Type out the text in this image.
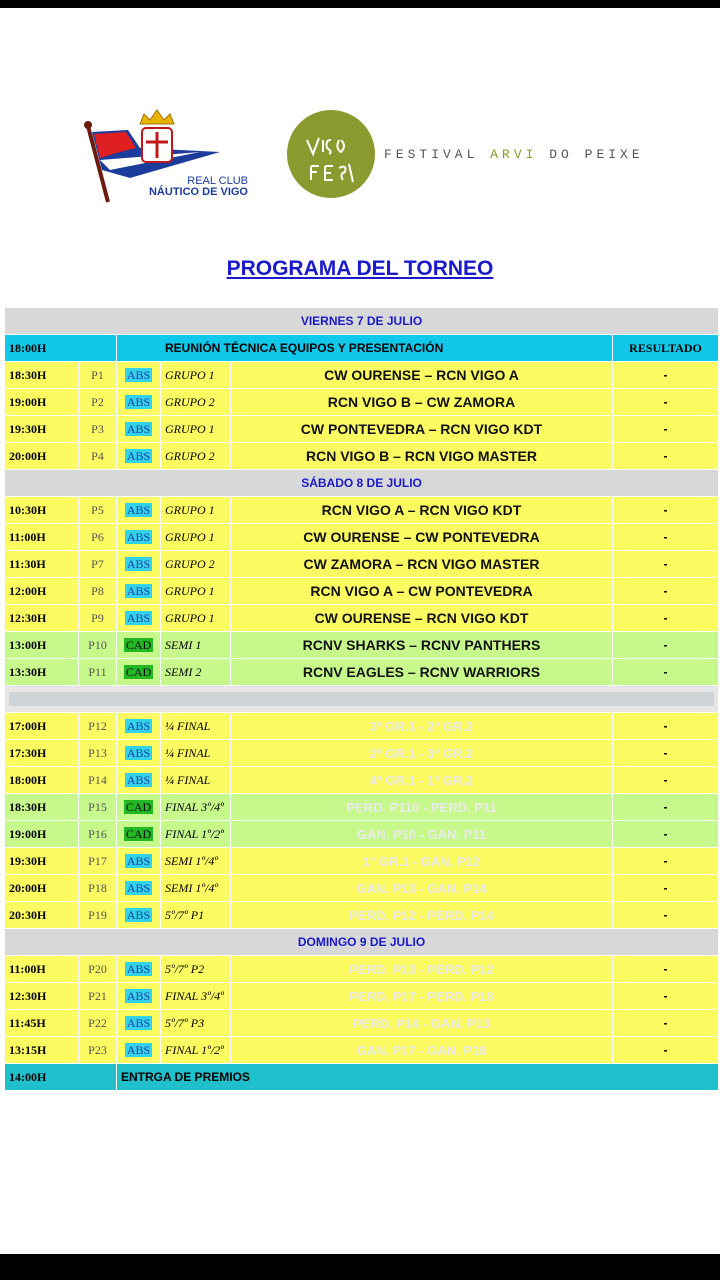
REAL CLUB
NÁUTICO DE VIGO
FESTIVAL ARVI DO PEIXE
PROGRAMA DEL TORNEO
VIERNES 7 DE JULIO					
18:00H		REUNIÓN TÉCNICA EQUIPOS Y PRESENTACIÓN			RESULTADO
18:30H	P1	ABS	GRUPO 1	CW OURENSE – RCN VIGO A	-
19:00H	P2	ABS	GRUPO 2	RCN VIGO B – CW ZAMORA	-
19:30H	P3	ABS	GRUPO 1	CW PONTEVEDRA – RCN VIGO KDT	-
20:00H	P4	ABS	GRUPO 2	RCN VIGO B – RCN VIGO MASTER	-
SÁBADO 8 DE JULIO					
10:30H	P5	ABS	GRUPO 1	RCN VIGO A – RCN VIGO KDT	-
11:00H	P6	ABS	GRUPO 1	CW OURENSE – CW PONTEVEDRA	-
11:30H	P7	ABS	GRUPO 2	CW ZAMORA – RCN VIGO MASTER	-
12:00H	P8	ABS	GRUPO 1	RCN VIGO A – CW PONTEVEDRA	-
12:30H	P9	ABS	GRUPO 1	CW OURENSE – RCN VIGO KDT	-
13:00H	P10	CAD	SEMI 1	RCNV SHARKS – RCNV PANTHERS	-
13:30H	P11	CAD	SEMI 2	RCNV EAGLES – RCNV WARRIORS	-

17:00H	P12	ABS	¼ FINAL	3º GR.1 - 2º GR.2	-
17:30H	P13	ABS	¼ FINAL	2º GR.1 - 3º GR.2	-
18:00H	P14	ABS	¼ FINAL	4º GR.1 - 1º GR.2	-
18:30H	P15	CAD	FINAL 3º/4º	PERD. P110 - PERD. P11	-
19:00H	P16	CAD	FINAL 1º/2º	GAN. P10 - GAN. P11	-
19:30H	P17	ABS	SEMI 1º/4º	1º GR.1 - GAN. P12	-
20:00H	P18	ABS	SEMI 1º/4º	GAN. P13 - GAN. P14	-
20:30H	P19	ABS	5º/7º P1	PERD. P12 - PERD. P14	-
DOMINGO 9 DE JULIO					
11:00H	P20	ABS	5º/7º P2	PERD. P13 - PERD. P12	-
12:30H	P21	ABS	FINAL 3º/4º	PERD. P17 - PERD. P18	-
11:45H	P22	ABS	5º/7º P3	PERD. P14 - GAN. P13	-
13:15H	P23	ABS	FINAL 1º/2º	GAN. P17 - GAN. P18	-
14:00H		ENTRGA DE PREMIOS			
